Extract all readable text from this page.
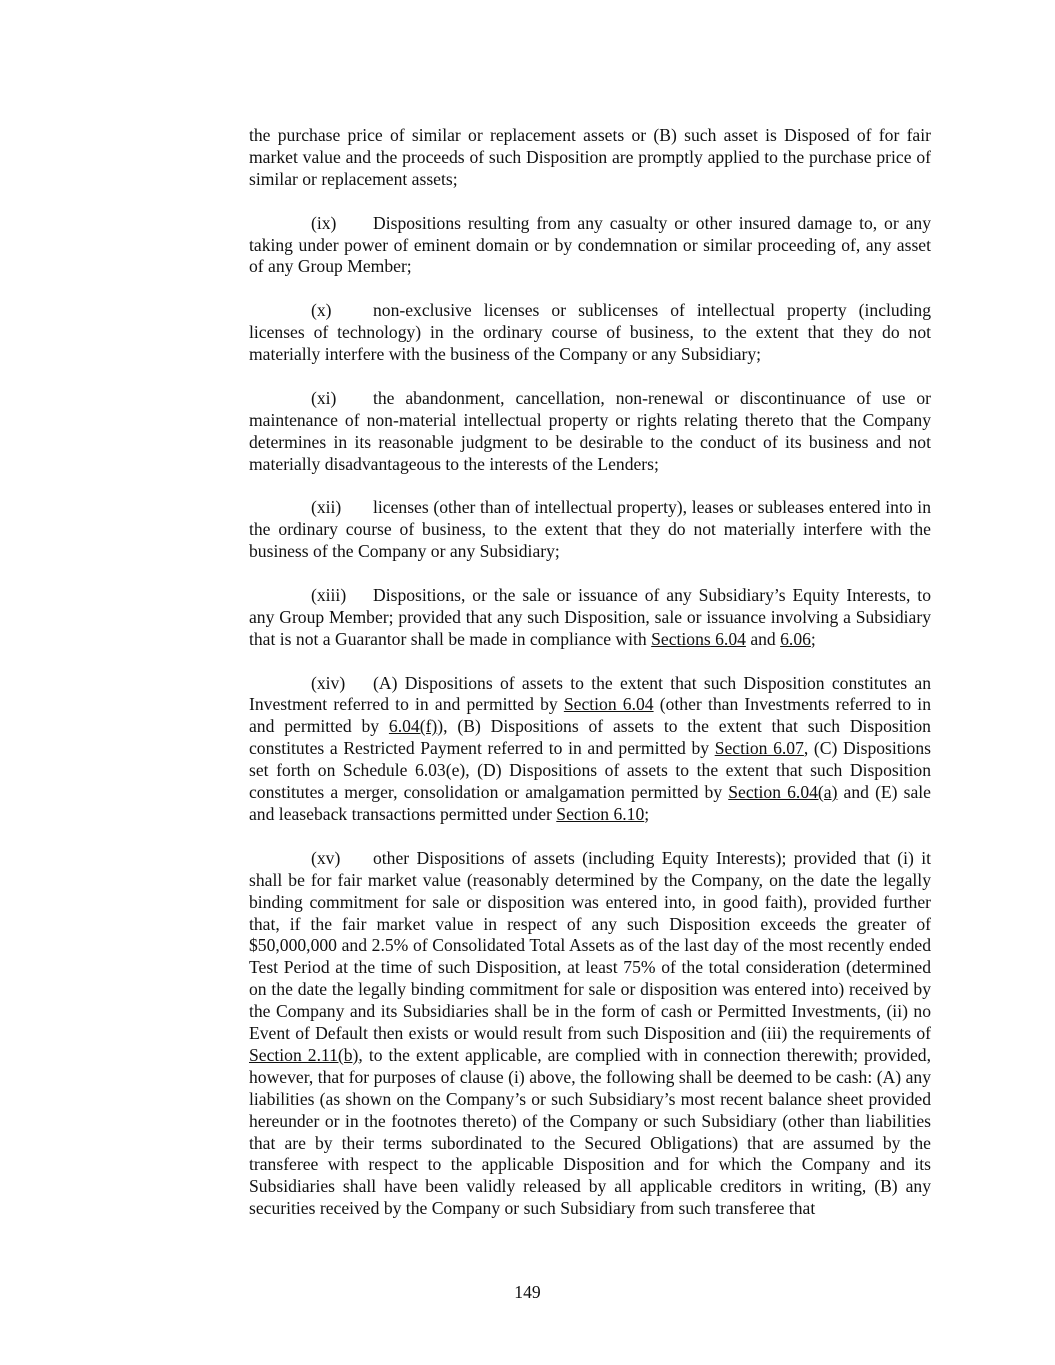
the purchase price of similar or replacement assets or (B) such asset is Disposed of for fair market value and the proceeds of such Disposition are promptly applied to the purchase price of similar or replacement assets;

(ix) Dispositions resulting from any casualty or other insured damage to, or any taking under power of eminent domain or by condemnation or similar proceeding of, any asset of any Group Member;

(x) non-exclusive licenses or sublicenses of intellectual property (including licenses of technology) in the ordinary course of business, to the extent that they do not materially interfere with the business of the Company or any Subsidiary;

(xi) the abandonment, cancellation, non-renewal or discontinuance of use or maintenance of non-material intellectual property or rights relating thereto that the Company determines in its reasonable judgment to be desirable to the conduct of its business and not materially disadvantageous to the interests of the Lenders;

(xii) licenses (other than of intellectual property), leases or subleases entered into in the ordinary course of business, to the extent that they do not materially interfere with the business of the Company or any Subsidiary;

(xiii) Dispositions, or the sale or issuance of any Subsidiary’s Equity Interests, to any Group Member; provided that any such Disposition, sale or issuance involving a Subsidiary that is not a Guarantor shall be made in compliance with Sections 6.04 and 6.06;

(xiv) (A) Dispositions of assets to the extent that such Disposition constitutes an Investment referred to in and permitted by Section 6.04 (other than Investments referred to in and permitted by 6.04(f)), (B) Dispositions of assets to the extent that such Disposition constitutes a Restricted Payment referred to in and permitted by Section 6.07, (C) Dispositions set forth on Schedule 6.03(e), (D) Dispositions of assets to the extent that such Disposition constitutes a merger, consolidation or amalgamation permitted by Section 6.04(a) and (E) sale and leaseback transactions permitted under Section 6.10;

(xv) other Dispositions of assets (including Equity Interests); provided that (i) it shall be for fair market value (reasonably determined by the Company, on the date the legally binding commitment for sale or disposition was entered into, in good faith), provided further that, if the fair market value in respect of any such Disposition exceeds the greater of $50,000,000 and 2.5% of Consolidated Total Assets as of the last day of the most recently ended Test Period at the time of such Disposition, at least 75% of the total consideration (determined on the date the legally binding commitment for sale or disposition was entered into) received by the Company and its Subsidiaries shall be in the form of cash or Permitted Investments, (ii) no Event of Default then exists or would result from such Disposition and (iii) the requirements of Section 2.11(b), to the extent applicable, are complied with in connection therewith; provided, however, that for purposes of clause (i) above, the following shall be deemed to be cash: (A) any liabilities (as shown on the Company’s or such Subsidiary’s most recent balance sheet provided hereunder or in the footnotes thereto) of the Company or such Subsidiary (other than liabilities that are by their terms subordinated to the Secured Obligations) that are assumed by the transferee with respect to the applicable Disposition and for which the Company and its Subsidiaries shall have been validly released by all applicable creditors in writing, (B) any securities received by the Company or such Subsidiary from such transferee that

149
